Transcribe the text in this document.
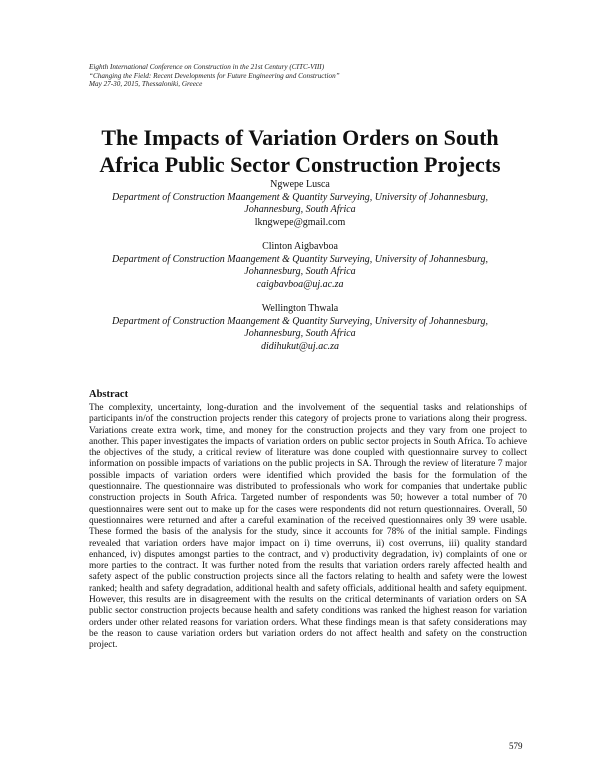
Eighth International Conference on Construction in the 21st Century (CITC-VIII)
“Changing the Field: Recent Developments for Future Engineering and Construction”
May 27-30, 2015, Thessaloniki, Greece
The Impacts of Variation Orders on South
Africa Public Sector Construction Projects
Ngwepe Lusca
Department of Construction Maangement & Quantity Surveying, University of Johannesburg,
Johannesburg, South Africa
lkngwepe@gmail.com
Clinton Aigbavboa
Department of Construction Maangement & Quantity Surveying, University of Johannesburg,
Johannesburg, South Africa
caigbavboa@uj.ac.za
Wellington Thwala
Department of Construction Maangement & Quantity Surveying, University of Johannesburg,
Johannesburg, South Africa
didihukut@uj.ac.za
Abstract
The complexity, uncertainty, long-duration and the involvement of the sequential tasks and relationships of participants in/of the construction projects render this category of projects prone to variations along their progress. Variations create extra work, time, and money for the construction projects and they vary from one project to another. This paper investigates the impacts of variation orders on public sector projects in South Africa. To achieve the objectives of the study, a critical review of literature was done coupled with questionnaire survey to collect information on possible impacts of variations on the public projects in SA. Through the review of literature 7 major possible impacts of variation orders were identified which provided the basis for the formulation of the questionnaire. The questionnaire was distributed to professionals who work for companies that undertake public construction projects in South Africa. Targeted number of respondents was 50; however a total number of 70 questionnaires were sent out to make up for the cases were respondents did not return questionnaires. Overall, 50 questionnaires were returned and after a careful examination of the received questionnaires only 39 were usable. These formed the basis of the analysis for the study, since it accounts for 78% of the initial sample. Findings revealed that variation orders have major impact on i) time overruns, ii) cost overruns, iii) quality standard enhanced, iv) disputes amongst parties to the contract, and v) productivity degradation, iv) complaints of one or more parties to the contract. It was further noted from the results that variation orders rarely affected health and safety aspect of the public construction projects since all the factors relating to health and safety were the lowest ranked; health and safety degradation, additional health and safety officials, additional health and safety equipment. However, this results are in disagreement with the results on the critical determinants of variation orders on SA public sector construction projects because health and safety conditions was ranked the highest reason for variation orders under other related reasons for variation orders. What these findings mean is that safety considerations may be the reason to cause variation orders but variation orders do not affect health and safety on the construction project.
579
